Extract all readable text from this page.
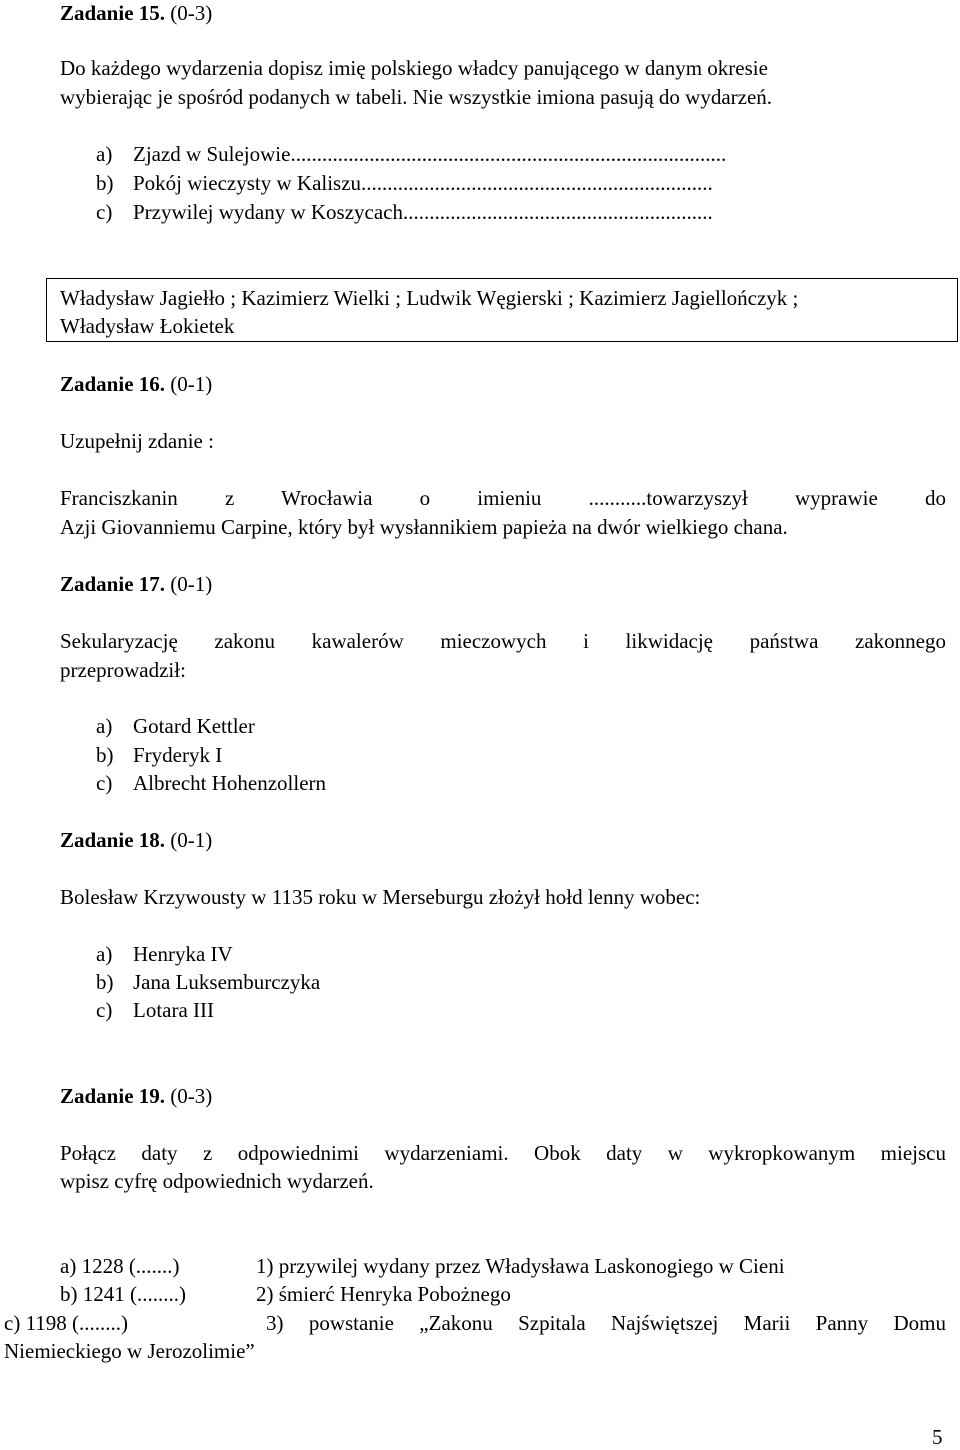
Zadanie 15. (0-3)
Do każdego wydarzenia dopisz imię polskiego władcy panującego w danym okresie
wybierając je spośród podanych w tabeli. Nie wszystkie imiona pasują do wydarzeń.
a) Zjazd w Sulejowie...................................................................................
b) Pokój wieczysty w Kaliszu...................................................................
c) Przywilej wydany w Koszycach...........................................................
Władysław Jagiełło ; Kazimierz Wielki ; Ludwik Węgierski ; Kazimierz Jagiellończyk ;
Władysław Łokietek
Zadanie 16. (0-1)
Uzupełnij zdanie :
Franciszkanin z Wrocławia o imieniu ...........towarzyszył wyprawie do
Azji Giovanniemu Carpine, który był wysłannikiem papieża na dwór wielkiego chana.
Zadanie 17. (0-1)
Sekularyzację zakonu kawalerów mieczowych i likwidację państwa zakonnego
przeprowadził:
a) Gotard Kettler
b) Fryderyk I
c) Albrecht Hohenzollern
Zadanie 18. (0-1)
Bolesław Krzywousty w 1135 roku w Merseburgu złożył hołd lenny wobec:
a) Henryka IV
b) Jana Luksemburczyka
c) Lotara III
Zadanie 19. (0-3)
Połącz daty z odpowiednimi wydarzeniami. Obok daty w wykropkowanym miejscu
wpisz cyfrę odpowiednich wydarzeń.
a) 1228 (.......)	1) przywilej wydany przez Władysława Laskonogiego w Cieni
b) 1241 (........)	2) śmierć Henryka Pobożnego
c) 1198 (........)	3) powstanie „Zakonu Szpitala Najświętszej Marii Panny Domu
Niemieckiego w Jerozolimie”
5
